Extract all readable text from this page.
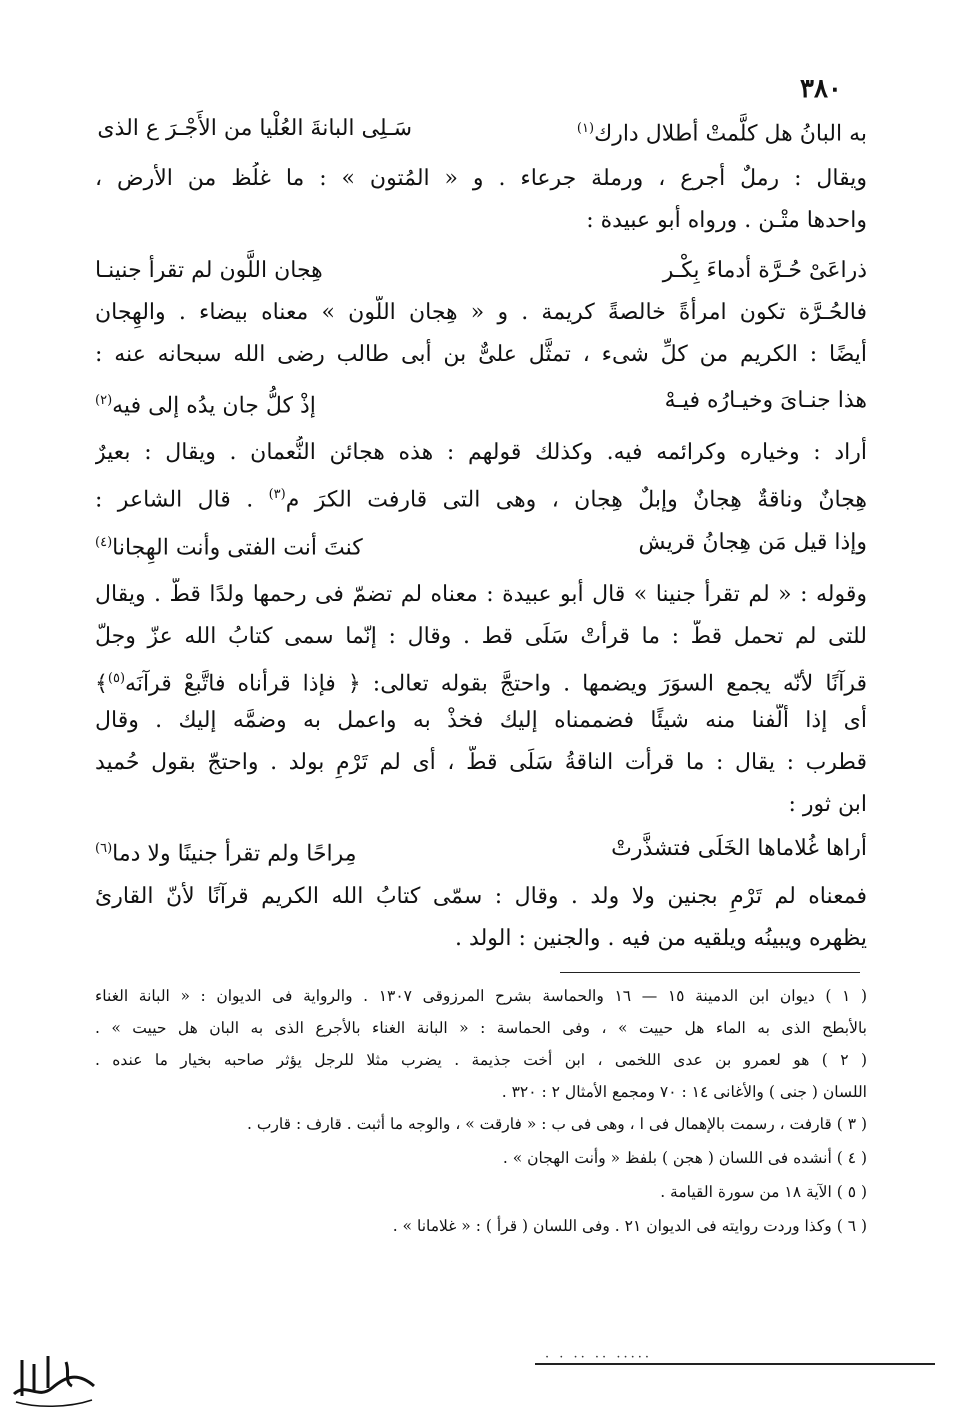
٣٨٠
به البانُ هل كلَّمتْ أطلال دارك$^{(١)}$
سَـلِى البانةَ العُلْيا من الأَجْـرَ ع الذى
ويقال : رملٌ أجرع ، ورملة جرعاء . و « المُتون » : ما غلُظ من الأرض ،
واحدها متْـن . ورواه أبو عبيدة :
ذراعَىْ حُـرَّة أدماءَ بِكْـر
هِجان اللَّون لم تقرأ جنينـا
فالحُـرَّة تكون امرأةً خالصةً كريمة . و « هِجان اللَّون » معناه بيضاء . والهِجان
أيضًا : الكريم من كلِّ شىء ، تمثَّل علىٌّ بن أبى طالب رضى الله سبحانه عنه :
هذا جنـاىَ وخيـارُه فيـهْ
إذْ كلُّ جان يدُه إلى فيه$^{(٢)}$
أراد : وخياره وكرائمه فيه. وكذلك قولهم : هذه هجائن النُّعمان . ويقال : بعيرٌ
هِجانٌ وناقةٌ هِجانٌ وإبلٌ هِجان ، وهى التى قارفت الكرَ م$^{(٣)}$ . قال الشاعر :
وإذا قيل مَن هِجانُ قريش
كنتَ أنت الفتى وأنت الهِجانا$^{(٤)}$
وقوله : « لم تقرأ جنينا » قال أبو عبيدة : معناه لم تضمّ فى رحمها ولدًا قطّ . ويقال
للتى لم تحمل قطُّ : ما قرأتْ سَلَى قط . وقال : إنّما سمى كتابُ الله عزّ وجلّ
قرآنًا لأنّه يجمع السوَرَ ويضمها . واحتجَّ بقوله تعالى: ﴿ فإذا قرأناه فاتَّبعْ قرآنَه$^{(٥)}$﴾
أى إذا ألَّفنا منه شيئًا فضممناه إليك فخذْ به واعمل به وضمَّه إليك . وقال
قطرب : يقال : ما قرأت الناقةُ سَلَى قطّ ، أى لم تَرْمِ بولد . واحتجّ بقول حُميد
ابن ثور :
أراها غُلاماها الخَلَى فتشذَّرتْ
مِراحًا ولم تقرأ جنينًا ولا دما$^{(٦)}$
فمعناه لم تَرْمِ بجنين ولا ولد . وقال : سمّى كتابُ الله الكريم قرآنًا لأنّ القارئ
يظهره ويبينُه ويلقيه من فيه . والجنين : الولد .
( ١ ) ديوان ابن الدمينة ١٥ — ١٦ والحماسة بشرح المرزوقى ١٣٠٧ . والرواية فى الديوان : « البانة الغناء
بالأبطح الذى به الماء هل حييت » ، وفى الحماسة : « البانة الغناء بالأجرع الذى به البان هل حييت » .
( ٢ ) هو لعمرو بن عدى اللخمى ، ابن أخت جذيمة . يضرب مثلا للرجل يؤثر صاحبه بخيار ما عنده .
اللسان ( جنى ) والأغانى ١٤ : ٧٠ ومجمع الأمثال ٢ : ٣٢٠ .
( ٣ ) قارفت ، رسمت بالإهمال فى ا ، وهى فى ب : « فارقت » ، والوجه ما أثبت . قارف : قارب .
( ٤ ) أنشده فى اللسان ( هجن ) بلفظ « وأنت الهجان » .
( ٥ ) الآية ١٨ من سورة القيامة .
( ٦ ) وكذا وردت روايته فى الديوان ٢١ . وفى اللسان ( قرأ ) : « غلامانا » .
· · ·· ·· ·····
